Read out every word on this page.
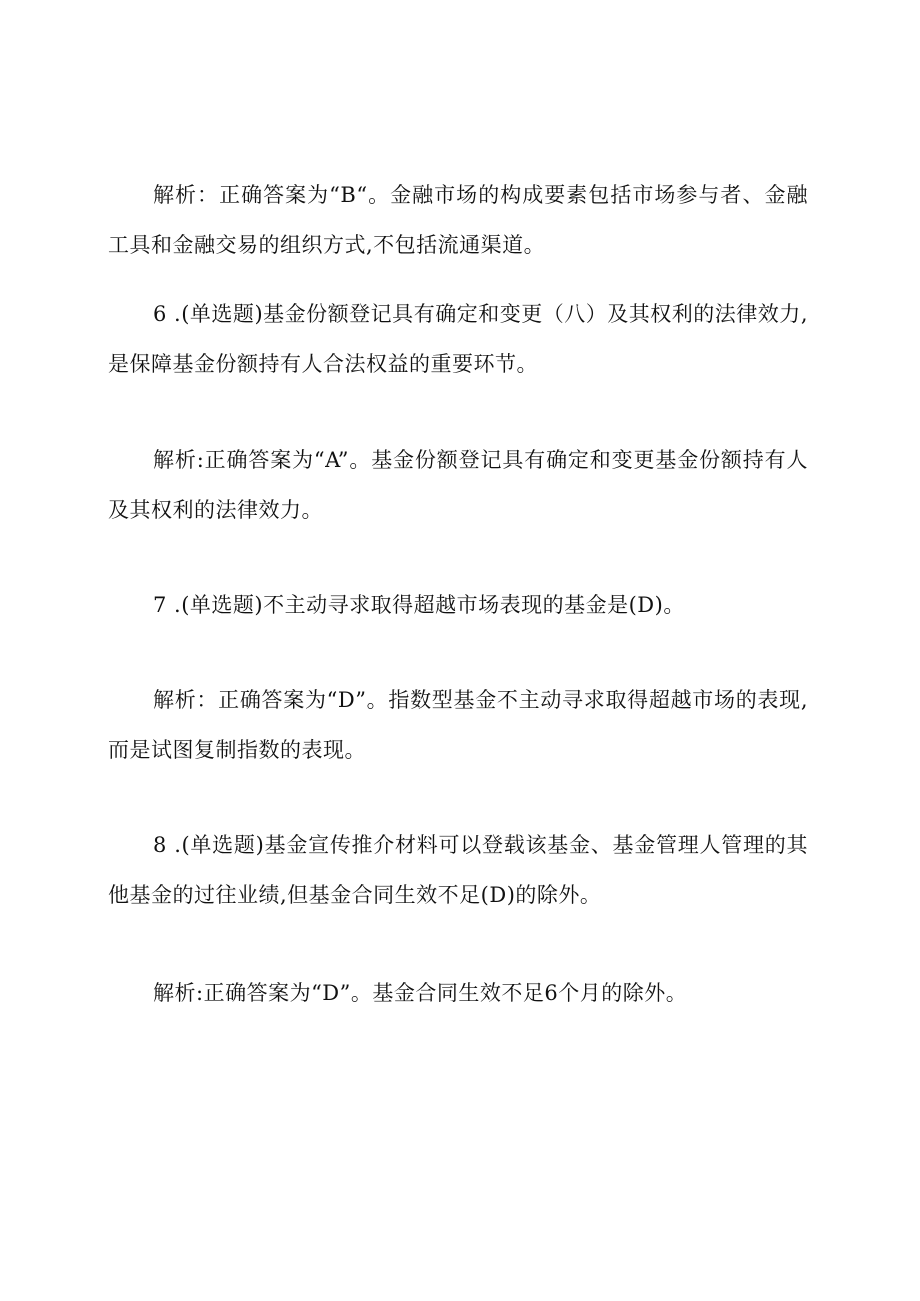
解析：正确答案为“B“。金融市场的构成要素包括市场参与者、金融工具和金融交易的组织方式,不包括流通渠道。

6 .(单选题)基金份额登记具有确定和变更（八）及其权利的法律效力,是保障基金份额持有人合法权益的重要环节。

解析:正确答案为“A”。基金份额登记具有确定和变更基金份额持有人及其权利的法律效力。

7 .(单选题)不主动寻求取得超越市场表现的基金是(D)。

解析：正确答案为“D”。指数型基金不主动寻求取得超越市场的表现,而是试图复制指数的表现。

8 .(单选题)基金宣传推介材料可以登载该基金、基金管理人管理的其他基金的过往业绩,但基金合同生效不足(D)的除外。

解析:正确答案为“D”。基金合同生效不足6个月的除外。
